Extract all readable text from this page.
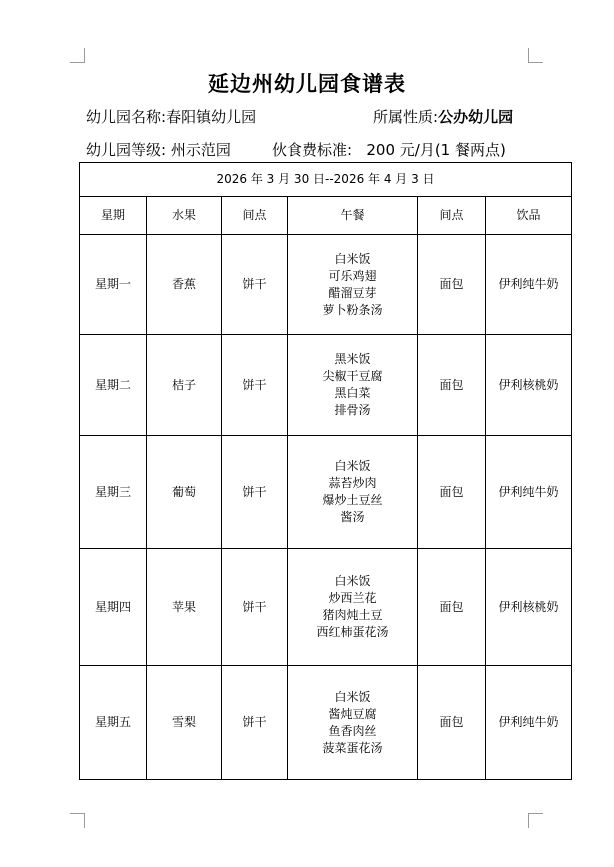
延边州幼儿园食谱表
幼儿园名称:春阳镇幼儿园	所属性质:公办幼儿园
幼儿园等级: 州示范园	伙食费标准: 200 元/月(1 餐两点)
2026 年 3 月 30 日--2026 年 4 月 3 日					
星期	水果	间点	午餐	间点	饮品
星期一	香蕉	饼干	白米饭
可乐鸡翅
醋溜豆芽
萝卜粉条汤	面包	伊利纯牛奶
星期二	桔子	饼干	黑米饭
尖椒干豆腐
黑白菜
排骨汤	面包	伊利核桃奶
星期三	葡萄	饼干	白米饭
蒜苔炒肉
爆炒土豆丝
酱汤	面包	伊利纯牛奶
星期四	苹果	饼干	白米饭
炒西兰花
猪肉炖土豆
西红柿蛋花汤	面包	伊利核桃奶
星期五	雪梨	饼干	白米饭
酱炖豆腐
鱼香肉丝
菠菜蛋花汤	面包	伊利纯牛奶
